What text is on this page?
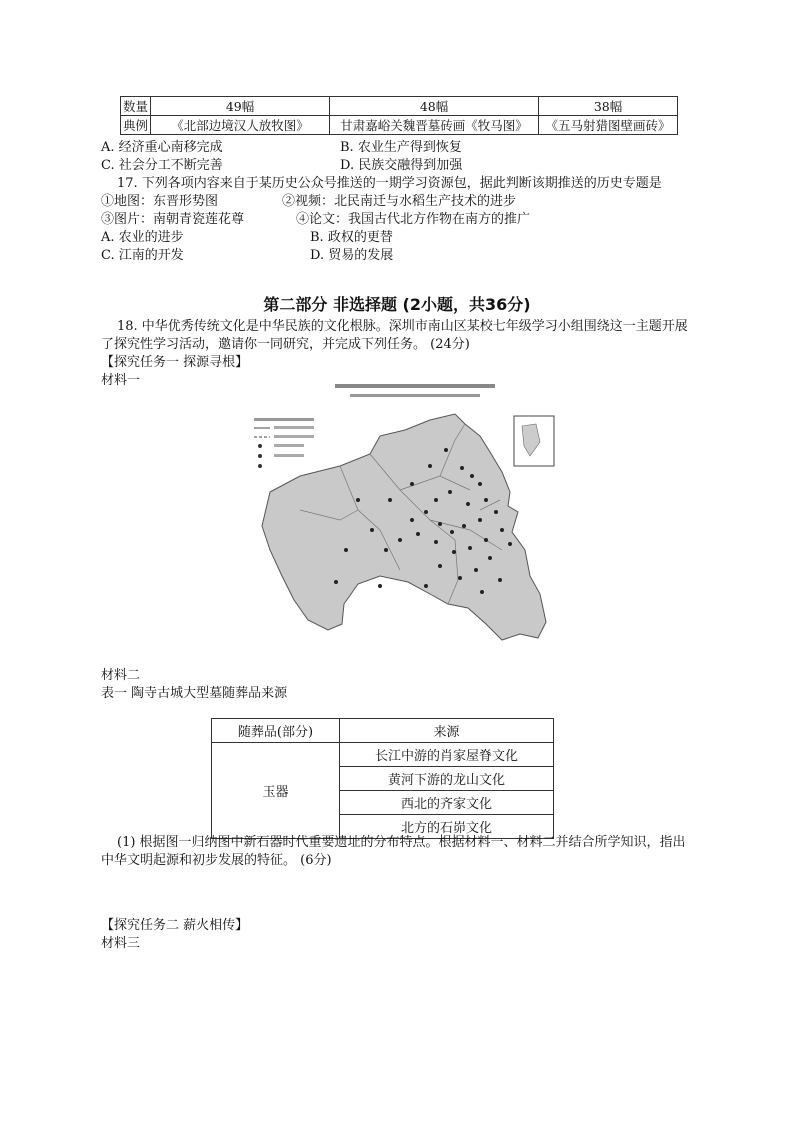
数量	49幅	48幅	38幅
典例	《北部边境汉人放牧图》	甘肃嘉峪关魏晋墓砖画《牧马图》	《五马射猎图壁画砖》
A. 经济重心南移完成	B. 农业生产得到恢复
C. 社会分工不断完善	D. 民族交融得到加强
17. 下列各项内容来自于某历史公众号推送的一期学习资源包，据此判断该期推送的历史专题是
①地图：东晋形势图	②视频：北民南迁与水稻生产技术的进步
③图片：南朝青瓷莲花尊	④论文：我国古代北方作物在南方的推广
A. 农业的进步	B. 政权的更替
C. 江南的开发	D. 贸易的发展
第二部分 非选择题 (2小题，共36分)
18. 中华优秀传统文化是中华民族的文化根脉。深圳市南山区某校七年级学习小组围绕这一主题开展
了探究性学习活动，邀请你一同研究，并完成下列任务。 (24分)
【探究任务一 探源寻根】
材料一
材料二
表一 陶寺古城大型墓随葬品来源
随葬品(部分)	来源
玉器	长江中游的肖家屋脊文化
	黄河下游的龙山文化
	西北的齐家文化
	北方的石峁文化
(1) 根据图一归纳图中新石器时代重要遗址的分布特点。根据材料一、材料二并结合所学知识，指出
中华文明起源和初步发展的特征。 (6分)
【探究任务二 薪火相传】
材料三
